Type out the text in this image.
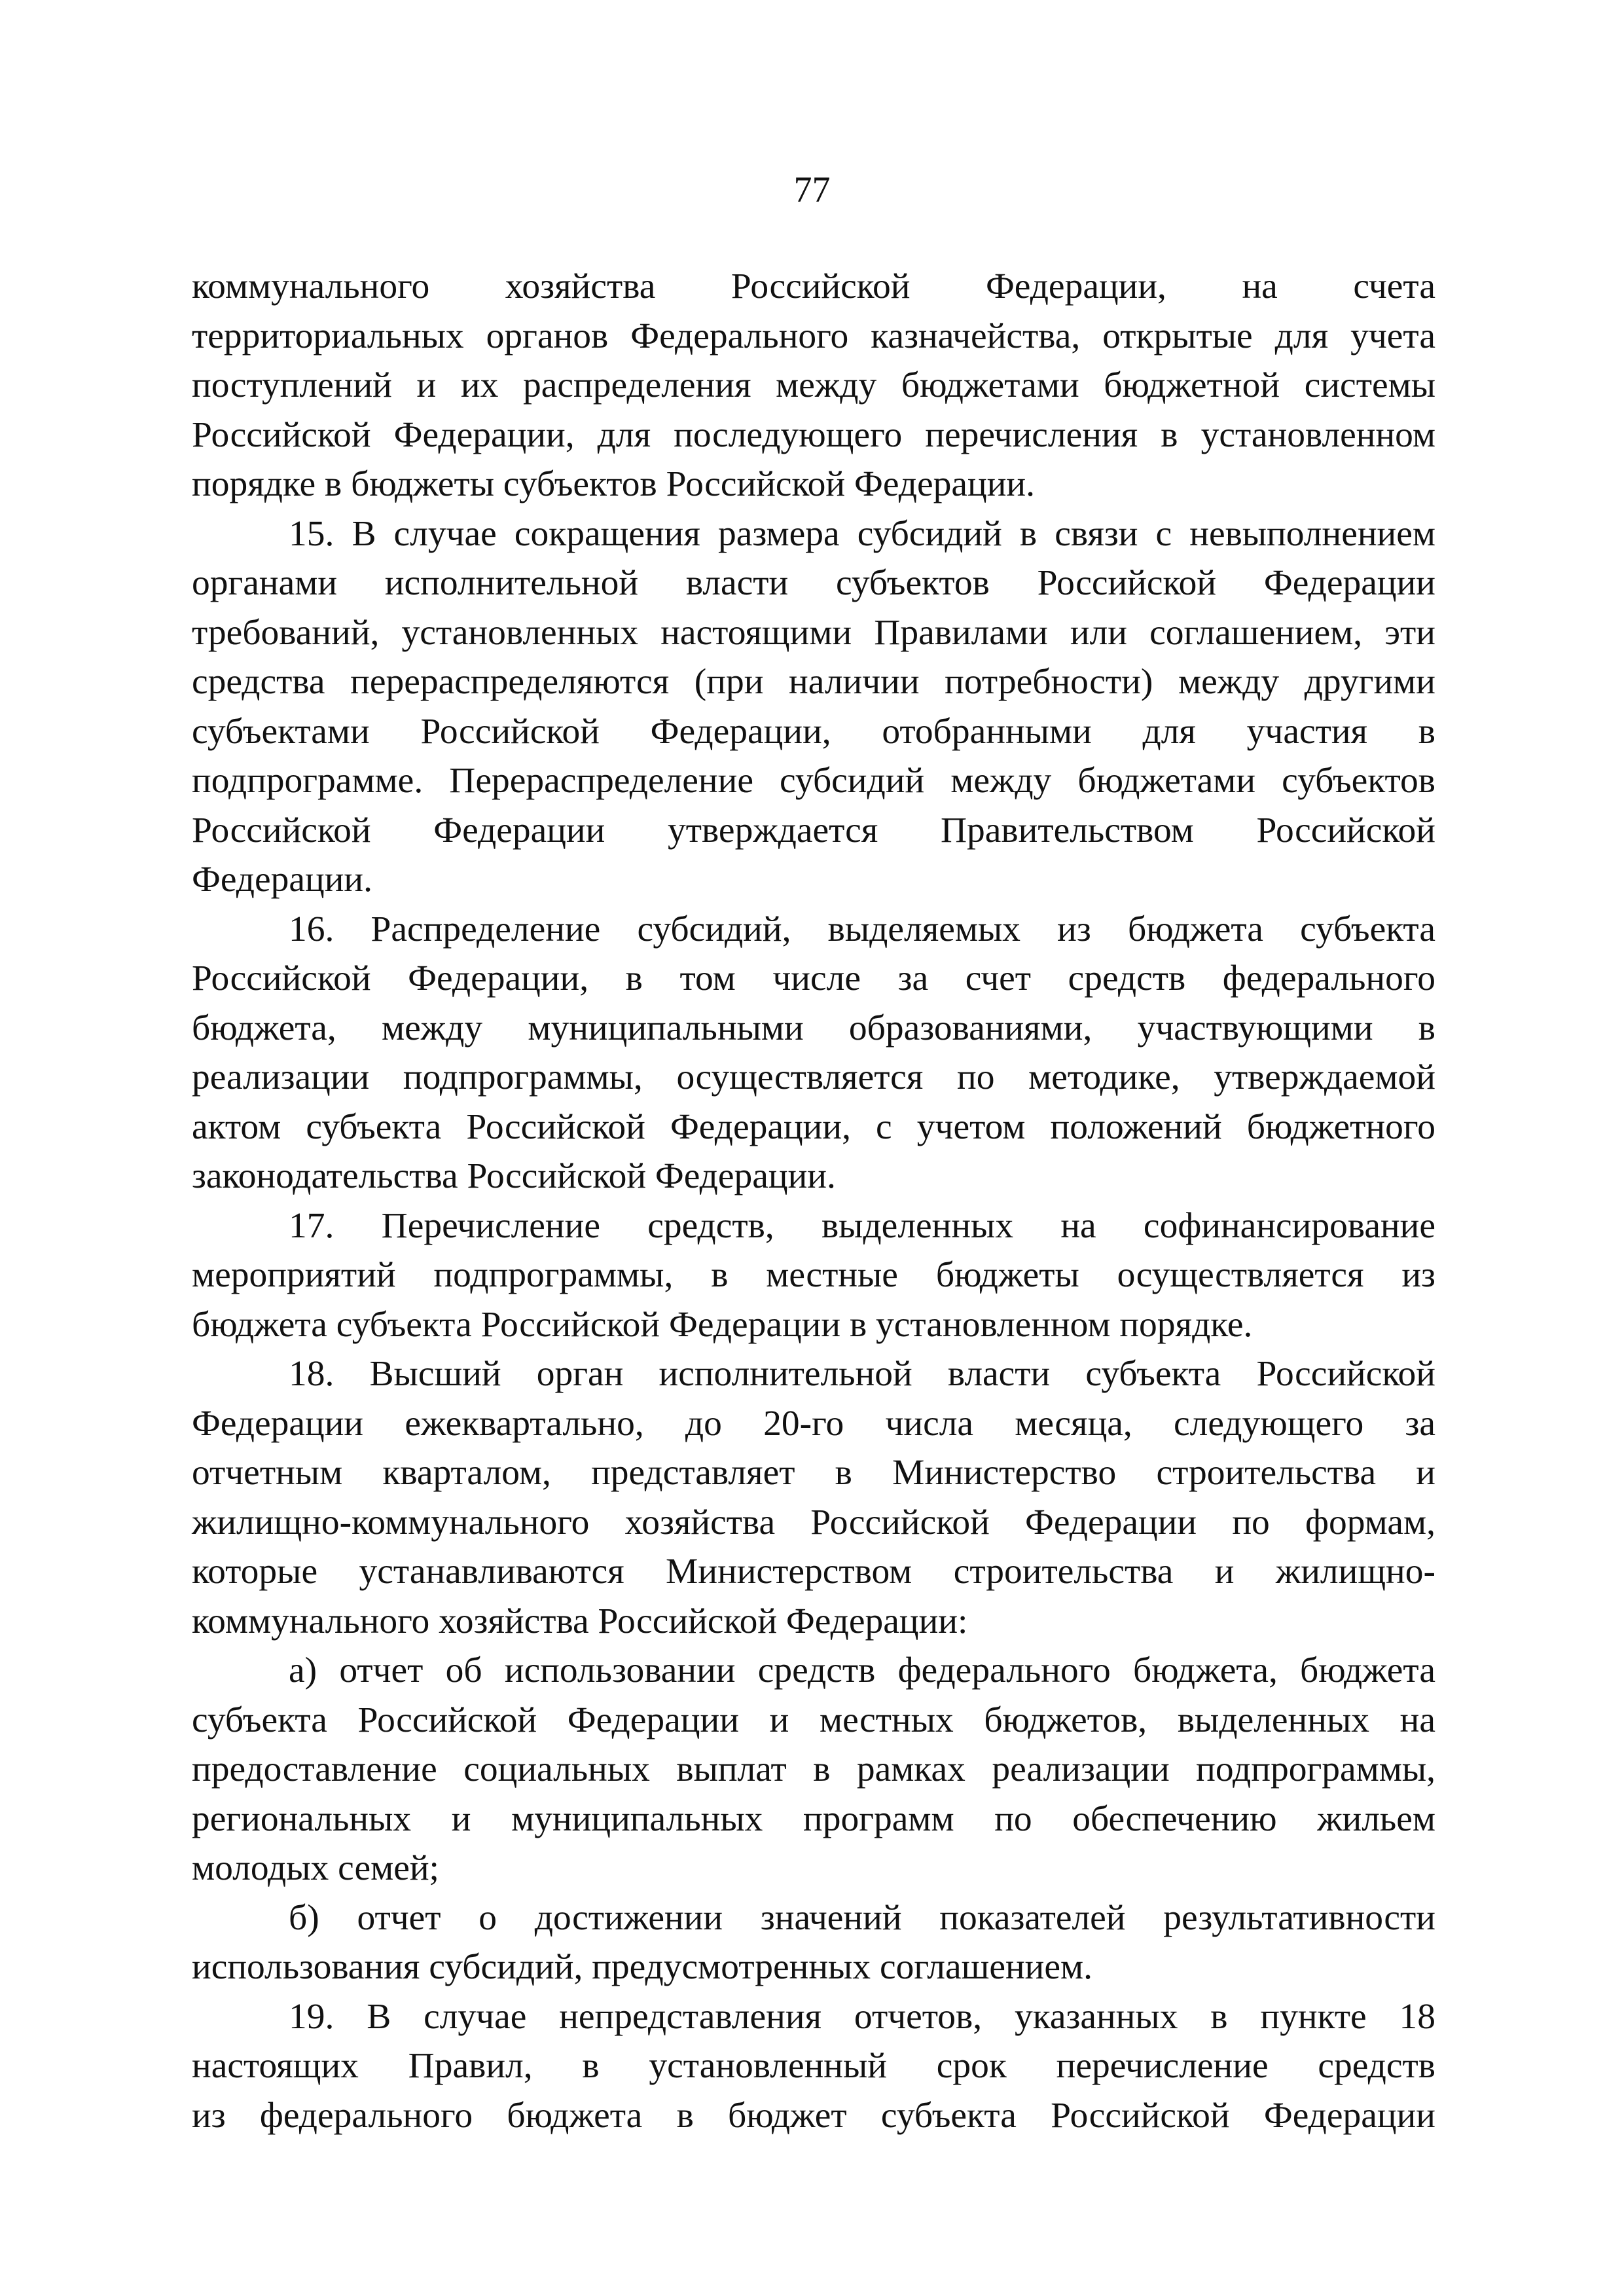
77
коммунального хозяйства Российской Федерации, на счета
территориальных органов Федерального казначейства, открытые для учета
поступлений и их распределения между бюджетами бюджетной системы
Российской Федерации, для последующего перечисления в установленном
порядке в бюджеты субъектов Российской Федерации.
15. В случае сокращения размера субсидий в связи с невыполнением
органами исполнительной власти субъектов Российской Федерации
требований, установленных настоящими Правилами или соглашением, эти
средства перераспределяются (при наличии потребности) между другими
субъектами Российской Федерации, отобранными для участия в
подпрограмме. Перераспределение субсидий между бюджетами субъектов
Российской Федерации утверждается Правительством Российской
Федерации.
16. Распределение субсидий, выделяемых из бюджета субъекта
Российской Федерации, в том числе за счет средств федерального
бюджета, между муниципальными образованиями, участвующими в
реализации подпрограммы, осуществляется по методике, утверждаемой
актом субъекта Российской Федерации, с учетом положений бюджетного
законодательства Российской Федерации.
17. Перечисление средств, выделенных на софинансирование
мероприятий подпрограммы, в местные бюджеты осуществляется из
бюджета субъекта Российской Федерации в установленном порядке.
18. Высший орган исполнительной власти субъекта Российской
Федерации ежеквартально, до 20-го числа месяца, следующего за
отчетным кварталом, представляет в Министерство строительства и
жилищно-коммунального хозяйства Российской Федерации по формам,
которые устанавливаются Министерством строительства и жилищно-
коммунального хозяйства Российской Федерации:
а) отчет об использовании средств федерального бюджета, бюджета
субъекта Российской Федерации и местных бюджетов, выделенных на
предоставление социальных выплат в рамках реализации подпрограммы,
региональных и муниципальных программ по обеспечению жильем
молодых семей;
б) отчет о достижении значений показателей результативности
использования субсидий, предусмотренных соглашением.
19. В случае непредставления отчетов, указанных в пункте 18
настоящих Правил, в установленный срок перечисление средств
из федерального бюджета в бюджет субъекта Российской Федерации
